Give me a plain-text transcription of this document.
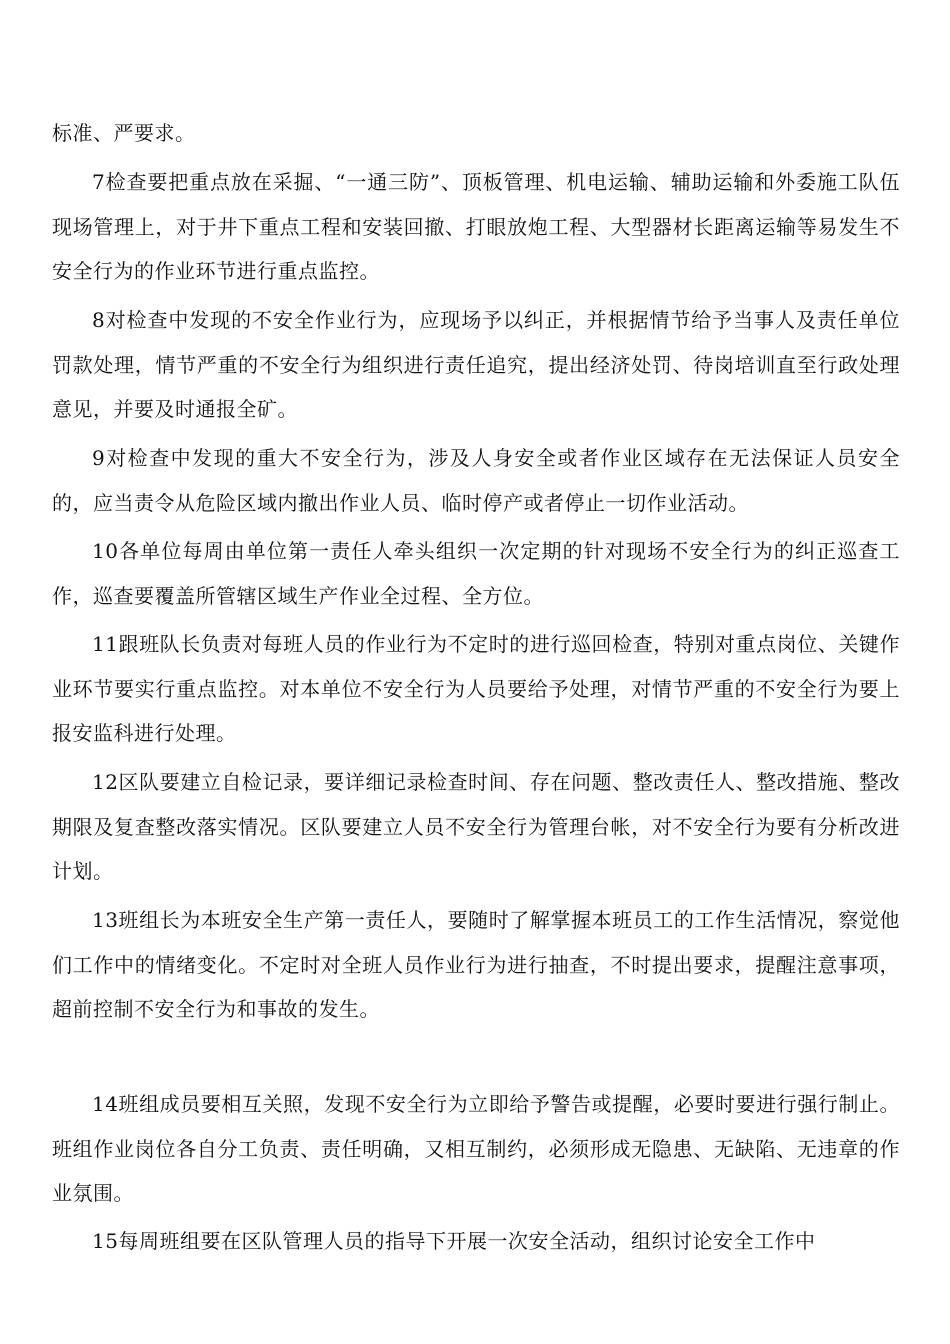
标准、严要求。

7检查要把重点放在采掘、“一通三防”、顶板管理、机电运输、辅助运输和外委施工队伍现场管理上，对于井下重点工程和安装回撤、打眼放炮工程、大型器材长距离运输等易发生不安全行为的作业环节进行重点监控。

8对检查中发现的不安全作业行为，应现场予以纠正，并根据情节给予当事人及责任单位罚款处理，情节严重的不安全行为组织进行责任追究，提出经济处罚、待岗培训直至行政处理意见，并要及时通报全矿。

9对检查中发现的重大不安全行为，涉及人身安全或者作业区域存在无法保证人员安全的，应当责令从危险区域内撤出作业人员、临时停产或者停止一切作业活动。

10各单位每周由单位第一责任人牵头组织一次定期的针对现场不安全行为的纠正巡查工作，巡查要覆盖所管辖区域生产作业全过程、全方位。

11跟班队长负责对每班人员的作业行为不定时的进行巡回检查，特别对重点岗位、关键作业环节要实行重点监控。对本单位不安全行为人员要给予处理，对情节严重的不安全行为要上报安监科进行处理。

12区队要建立自检记录，要详细记录检查时间、存在问题、整改责任人、整改措施、整改期限及复查整改落实情况。区队要建立人员不安全行为管理台帐，对不安全行为要有分析改进计划。

13班组长为本班安全生产第一责任人，要随时了解掌握本班员工的工作生活情况，察觉他们工作中的情绪变化。不定时对全班人员作业行为进行抽查，不时提出要求，提醒注意事项，超前控制不安全行为和事故的发生。

14班组成员要相互关照，发现不安全行为立即给予警告或提醒，必要时要进行强行制止。班组作业岗位各自分工负责、责任明确，又相互制约，必须形成无隐患、无缺陷、无违章的作业氛围。

15每周班组要在区队管理人员的指导下开展一次安全活动，组织讨论安全工作中
